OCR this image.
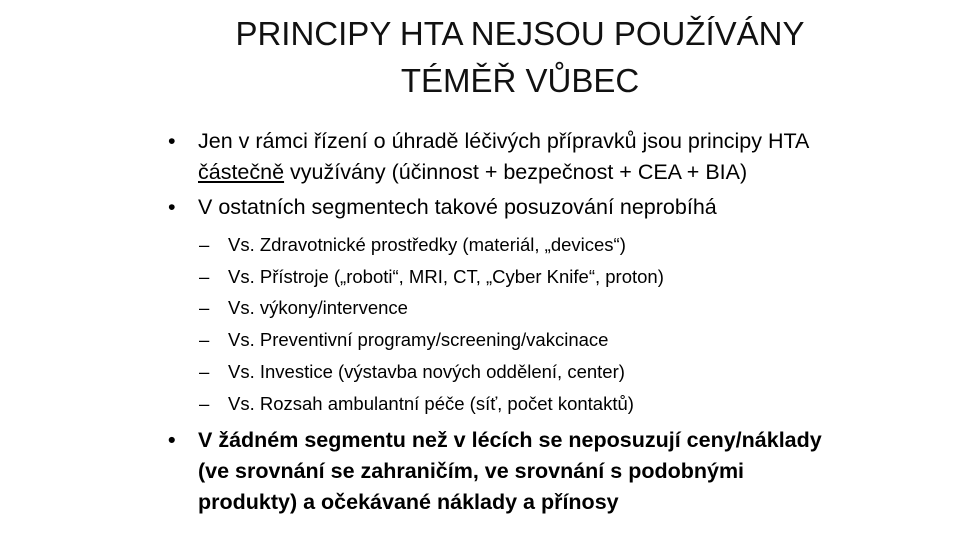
PRINCIPY HTA NEJSOU POUŽÍVÁNY
TÉMĚŘ VŮBEC
• Jen v rámci řízení o úhradě léčivých přípravků jsou principy HTA
částečně využívány (účinnost + bezpečnost + CEA + BIA)
• V ostatních segmentech takové posuzování neprobíhá
– Vs. Zdravotnické prostředky (materiál, „devices“)
– Vs. Přístroje („roboti“, MRI, CT, „Cyber Knife“, proton)
– Vs. výkony/intervence
– Vs. Preventivní programy/screening/vakcinace
– Vs. Investice (výstavba nových oddělení, center)
– Vs. Rozsah ambulantní péče (síť, počet kontaktů)
• V žádném segmentu než v lécích se neposuzují ceny/náklady
(ve srovnání se zahraničím, ve srovnání s podobnými
produkty) a očekávané náklady a přínosy
